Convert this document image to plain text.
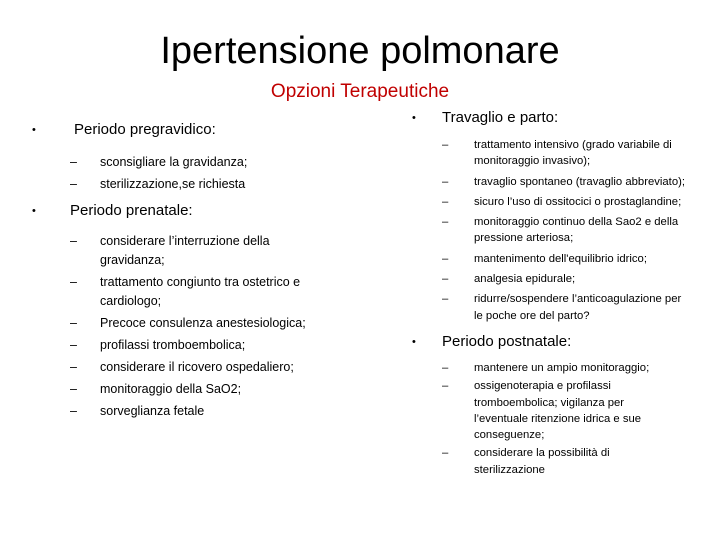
Ipertensione polmonare
Opzioni Terapeutiche
•	Periodo pregravidico:
– sconsigliare la gravidanza;
– sterilizzazione,se richiesta
• Periodo prenatale:
– considerare l’interruzione della gravidanza;
– trattamento congiunto tra ostetrico e cardiologo;
– Precoce consulenza anestesiologica;
– profilassi tromboembolica;
– considerare il ricovero ospedaliero;
– monitoraggio della SaO2;
– sorveglianza fetale
• Travaglio e parto:
– trattamento intensivo (grado variabile di monitoraggio invasivo);
– travaglio spontaneo (travaglio abbreviato);
– sicuro l’uso di ossitocici o prostaglandine;
– monitoraggio continuo della Sao2 e della pressione arteriosa;
– mantenimento dell'equilibrio idrico;
– analgesia epidurale;
– ridurre/sospendere l’anticoagulazione per le poche ore del parto?
• Periodo postnatale:
– mantenere un ampio monitoraggio;
– ossigenoterapia e profilassi tromboembolica; vigilanza per l’eventuale ritenzione idrica e sue conseguenze;
– considerare la possibilità di sterilizzazione
